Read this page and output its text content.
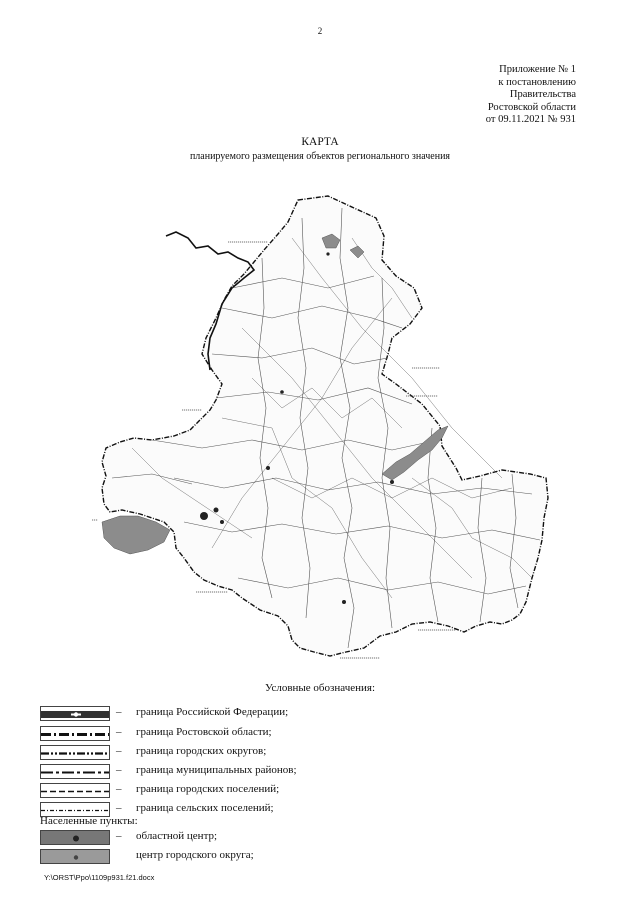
2
Приложение № 1
к постановлению
Правительства
Ростовской области
от 09.11.2021 № 931
КАРТА
планируемого размещения объектов регионального значения
Условные обозначения:
– граница Российской Федерации;
– граница Ростовской области;
– граница городских округов;
– граница муниципальных районов;
– граница городских поселений;
– граница сельских поселений;
Населенные пункты:
– областной центр;
центр городского округа;
Y:\ORST\Ppo\1109p931.f21.docx
